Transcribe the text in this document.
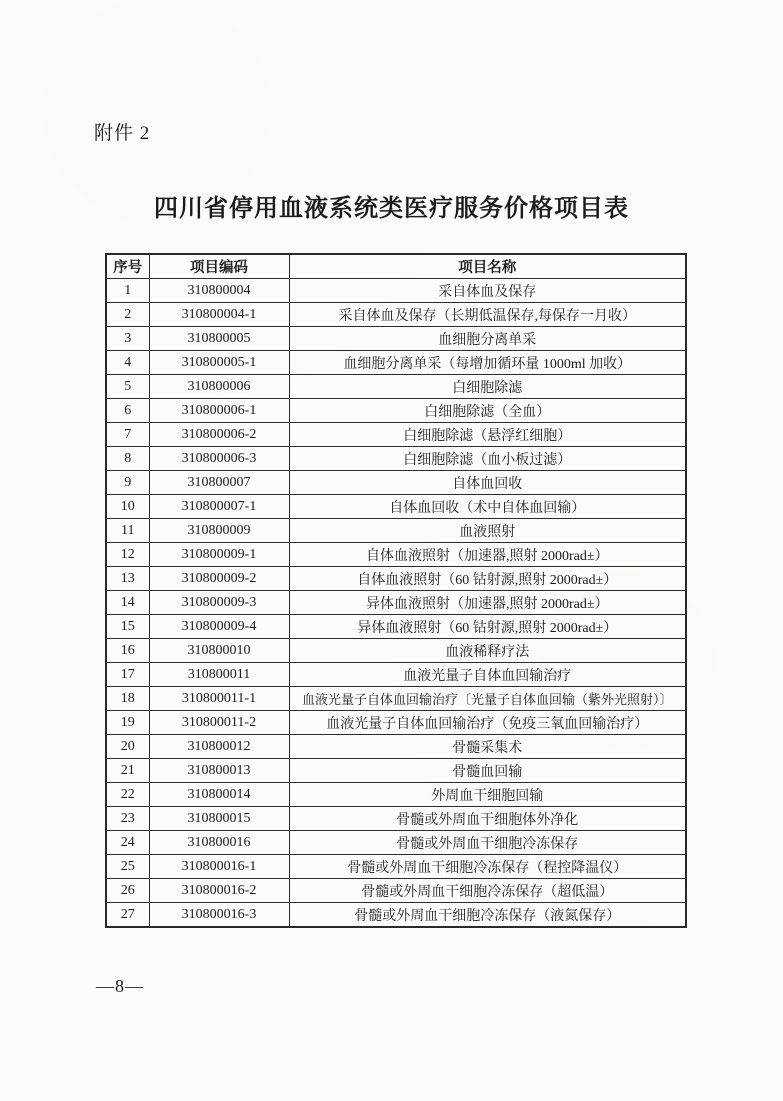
附件 2
四川省停用血液系统类医疗服务价格项目表
序号	项目编码	项目名称
1	310800004	采自体血及保存
2	310800004-1	采自体血及保存（长期低温保存,每保存一月收）
3	310800005	血细胞分离单采
4	310800005-1	血细胞分离单采（每增加循环量 1000ml 加收）
5	310800006	白细胞除滤
6	310800006-1	白细胞除滤（全血）
7	310800006-2	白细胞除滤（悬浮红细胞）
8	310800006-3	白细胞除滤（血小板过滤）
9	310800007	自体血回收
10	310800007-1	自体血回收（术中自体血回输）
11	310800009	血液照射
12	310800009-1	自体血液照射（加速器,照射 2000rad±）
13	310800009-2	自体血液照射（60 钴射源,照射 2000rad±）
14	310800009-3	异体血液照射（加速器,照射 2000rad±）
15	310800009-4	异体血液照射（60 钴射源,照射 2000rad±）
16	310800010	血液稀释疗法
17	310800011	血液光量子自体血回输治疗
18	310800011-1	血液光量子自体血回输治疗〔光量子自体血回输（紫外光照射）〕
19	310800011-2	血液光量子自体血回输治疗（免疫三氧血回输治疗）
20	310800012	骨髓采集术
21	310800013	骨髓血回输
22	310800014	外周血干细胞回输
23	310800015	骨髓或外周血干细胞体外净化
24	310800016	骨髓或外周血干细胞冷冻保存
25	310800016-1	骨髓或外周血干细胞冷冻保存（程控降温仪）
26	310800016-2	骨髓或外周血干细胞冷冻保存（超低温）
27	310800016-3	骨髓或外周血干细胞冷冻保存（液氮保存）
—8—
